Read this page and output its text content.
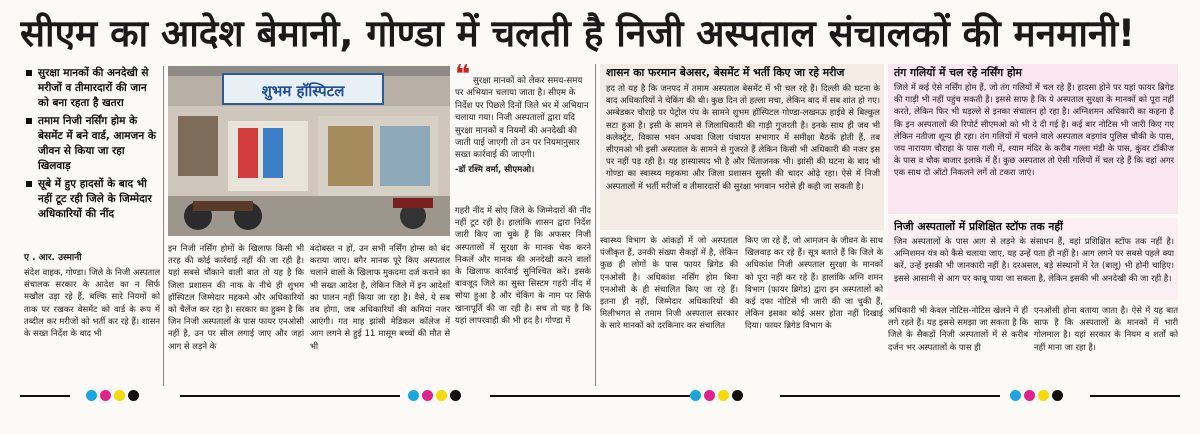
सीएम का आदेश बेमानी, गोण्डा में चलती है निजी अस्पताल संचालकों की मनमानी!
सुरक्षा मानकों की अनदेखी से मरीजों व तीमारदारों की जान को बना रहता है खतरा
तमाम निजी नर्सिंग होम के बेसमेंट में बने वार्ड, आमजन के जीवन से किया जा रहा खिलवाड़
सूबे में हुए हादसों के बाद भी नहीं टूट रही जिले के जिम्मेदार अधिकारियों की नींद
ए . आर. उस्मानी
शुभम हॉस्पिटल
❝ सुरक्षा मानकों को लेकर समय-समय पर अभियान चलाया जाता है। सीएम के निर्देश पर पिछले दिनों जिले भर में अभियान चलाया गया। निजी अस्पतालों द्वारा यदि सुरक्षा मानकों व नियमों की अनदेखी की जाती पाई जाएगी तो उन पर नियमानुसार सख्त कार्रवाई की जाएगी।
-डॉ रश्मि वर्मा, सीएमओ।
संदेश वाहक, गोण्डा। जिले के निजी अस्पताल संचालक सरकार के आदेश का न सिर्फ मखौल उड़ा रहे हैं, बल्कि सारे नियमों को ताक पर रखकर बेसमेंट को वार्ड के रूप में तब्दील कर मरीजों को भर्ती कर रहे हैं। शासन के सख्त निर्देश के बाद भी
इन निजी नर्सिंग होमों के खिलाफ किसी भी तरह की कोई कार्रवाई नहीं की जा रही है। यहां सबसे चौंकाने वाली बात तो यह है कि जिला प्रशासन की नाक के नीचे ही शुभम हॉस्पिटल जिम्मेदार महकमे और अधिकारियों को चैलेंज कर रहा है। सरकार का हुक्म है कि जिन निजी अस्पतालों के पास फायर एनओसी नहीं है, उन पर सील लगाई जाए और जहां आग से लड़ने के
बंदोबस्त न हों, उन सभी नर्सिंग होम्स को बंद कराया जाए। बगैर मानक पूरे किए अस्पताल चलाने वालों के खिलाफ मुकदमा दर्ज कराने का भी सख्त आदेश है, लेकिन जिले में इन आदेशों का पालन नहीं किया जा रहा है। वैसे, ये सब तब होगा, जब अधिकारियों की कमियां नजर आएंगी। गत माह झांसी मेडिकल कॉलेज में आग लगने से हुई 11 मासूम बच्चों की मौत से भी
गहरी नींद में सोए जिले के जिम्मेदारों की नींद नहीं टूट रही है। हालांकि शासन द्वारा निर्देश जारी किए जा चुके हैं कि अफसर निजी अस्पतालों में सुरक्षा के मानक चेक करने निकलें और मानक की अनदेखी करने वालों के खिलाफ कार्रवाई सुनिश्चित करें। इसके बावजूद जिले का सुस्त सिस्टम गहरी नींद में सोया हुआ है और चेकिंग के नाम पर सिर्फ खानापूर्ति की जा रही है। सच तो यह है कि यहां लापरवाही की भी हद है। गोण्डा में
शासन का फरमान बेअसर, बेसमेंट में भर्ती किए जा रहे मरीज
हद तो यह है कि जनपद में तमाम अस्पताल बेसमेंट में भी चल रहे हैं। दिल्ली की घटना के बाद अधिकारियों ने चेकिंग की थी। कुछ दिन तो हल्ला मचा, लेकिन बाद में सब शांत हो गए। अम्बेडकर चौराहे पर पेट्रोल पंप के सामने शुभम हॉस्पिटल गोण्डा-लखनऊ हाईवे से बिल्कुल सटा हुआ है। इसी के सामने से जिलाधिकारी की गाड़ी गुजरती है। इनके साथ ही जब भी कलेक्ट्रेट, विकास भवन अथवा जिला पंचायत सभागार में समीक्षा बैठकें होती हैं, तब सीएमओ भी इसी अस्पताल के सामने से गुजरते हैं लेकिन किसी भी अधिकारी की नजर इस पर नहीं पड़ रही है। यह हास्यास्पद भी है और चिंताजनक भी। झांसी की घटना के बाद भी गोण्डा का स्वास्थ्य महकमा और जिला प्रशासन सुस्ती की चादर ओढ़े रहा। ऐसे में निजी अस्पतालों में भर्ती मरीजों व तीमारदारों की सुरक्षा भगवान भरोसे ही कही जा सकती है।
स्वास्थ्य विभाग के आंकड़ों में जो अस्पताल पंजीकृत हैं, उनकी संख्या सैकड़ों में है, लेकिन कुछ ही लोगों के पास फायर ब्रिगेड की एनओसी है। अधिकांश नर्सिंग होम बिना एनओसी के ही संचालित किए जा रहे हैं। इतना ही नहीं, जिम्मेदार अधिकारियों की मिलीभगत से तमाम निजी अस्पताल सरकार के सारे मानकों को दरकिनार कर संचालित
किए जा रहे हैं, जो आमजन के जीवन के साथ खिलवाड़ कर रहे हैं। सूत्र बताते हैं कि जिले के अधिकांश निजी अस्पताल सुरक्षा के मानकों को पूरा नहीं कर रहे हैं। हालांकि अग्नि शमन विभाग (फायर ब्रिगेड) द्वारा इन अस्पतालों को कई दफा नोटिसें भी जारी की जा चुकी हैं, लेकिन इसका कोई असर होता नहीं दिखाई दिया। फायर ब्रिगेड विभाग के
तंग गलियों में चल रहे नर्सिंग होम
जिले में कई ऐसे नर्सिंग होम हैं, जो तंग गलियों में चल रहे हैं। हादसा होने पर यहां फायर ब्रिगेड की गाड़ी भी नहीं पहुंच सकती है। इससे साफ है कि ये अस्पताल सुरक्षा के मानकों को पूरा नहीं करते, लेकिन फिर भी धड़ल्ले से इनका संचालन हो रहा है। अग्निशमन अधिकारी का कहना है कि इन अस्पतालों की रिपोर्ट सीएमओ को भी दे दी गई है। कई बार नोटिस भी जारी किए गए लेकिन नतीजा शून्य ही रहा। तंग गलियों में चलने वाले अस्पताल बड़गांव पुलिस चौकी के पास, जय नारायण चौराहा के पास गली में, श्याम मंदिर के करीब गल्ला मंडी के पास, कुंवर टॉकीज के पास व चौक बाजार इलाके में हैं। कुछ अस्पताल तो ऐसी गलियों में चल रहे हैं कि वहां अगर एक साथ दो ऑटो निकलने लगें तो टकरा जाएं।
निजी अस्पतालों में प्रशिक्षित स्टॉफ तक नहीं
जिन अस्पतालों के पास आग से लड़ने के संसाधन हैं, वहां प्रशिक्षित स्टॉफ तक नहीं है। अग्निशमन यंत्र को कैसे चलाया जाए, यह उन्हें पता ही नहीं है। आग लगने पर सबसे पहले क्या करें, उन्हें इसकी भी जानकारी नहीं है। दरअसल, बड़े संस्थानों में रेत (बालू) भी होनी चाहिए। इससे आसानी से आग पर काबू पाया जा सकता है, लेकिन इसकी भी अनदेखी की जा रही है।
अधिकारी भी केवल नोटिस-नोटिस खेलने में ही लगे रहते हैं। यह इससे समझा जा सकता है कि जिले के सैकड़ों निजी अस्पतालों में से करीब दर्जन भर अस्पतालों के पास ही
एनओसी होना बताया जाता है। ऐसे में यह बात साफ है कि अस्पतालों के मानकों में भारी गोलमाल है। यहां सरकार के नियम व शर्तों को नहीं माना जा रहा है।
